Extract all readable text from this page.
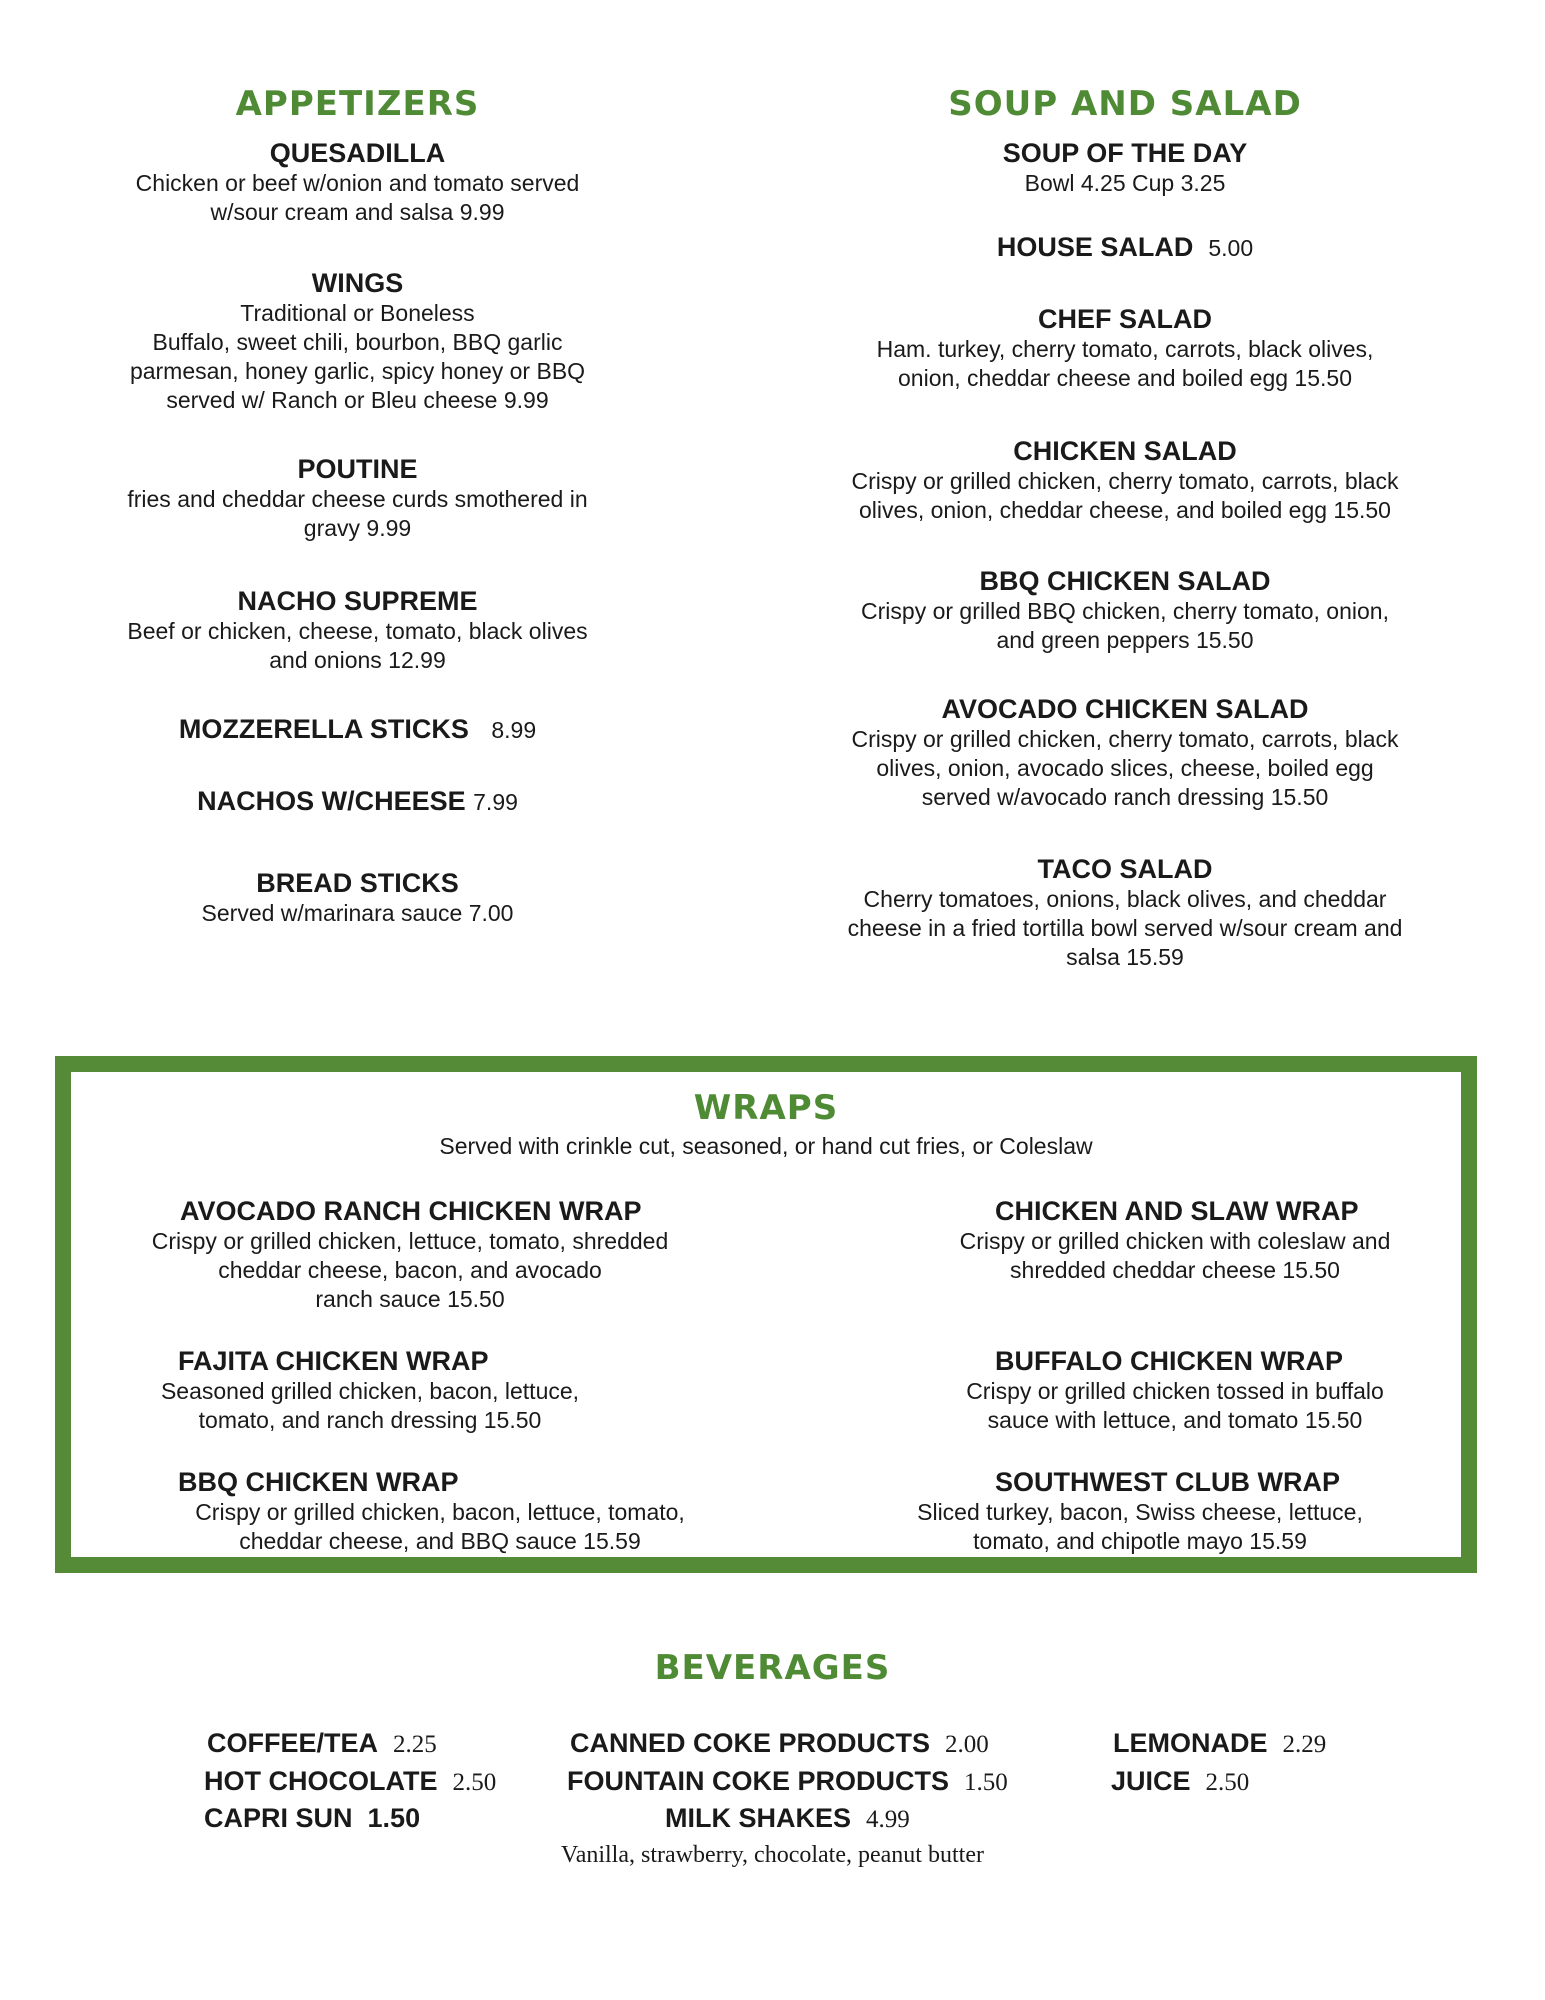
APPETIZERS
QUESADILLA
Chicken or beef w/onion and tomato served
w/sour cream and salsa 9.99
WINGS
Traditional or Boneless
Buffalo, sweet chili, bourbon, BBQ garlic
parmesan, honey garlic, spicy honey or BBQ
served w/ Ranch or Bleu cheese 9.99
POUTINE
fries and cheddar cheese curds smothered in
gravy 9.99
NACHO SUPREME
Beef or chicken, cheese, tomato, black olives
and onions 12.99
MOZZERELLA STICKS 8.99
NACHOS W/CHEESE 7.99
BREAD STICKS
Served w/marinara sauce 7.00
SOUP AND SALAD
SOUP OF THE DAY
Bowl 4.25 Cup 3.25
HOUSE SALAD 5.00
CHEF SALAD
Ham. turkey, cherry tomato, carrots, black olives,
onion, cheddar cheese and boiled egg 15.50
CHICKEN SALAD
Crispy or grilled chicken, cherry tomato, carrots, black
olives, onion, cheddar cheese, and boiled egg 15.50
BBQ CHICKEN SALAD
Crispy or grilled BBQ chicken, cherry tomato, onion,
and green peppers 15.50
AVOCADO CHICKEN SALAD
Crispy or grilled chicken, cherry tomato, carrots, black
olives, onion, avocado slices, cheese, boiled egg
served w/avocado ranch dressing 15.50
TACO SALAD
Cherry tomatoes, onions, black olives, and cheddar
cheese in a fried tortilla bowl served w/sour cream and
salsa 15.59
WRAPS
Served with crinkle cut, seasoned, or hand cut fries, or Coleslaw
AVOCADO RANCH CHICKEN WRAP
Crispy or grilled chicken, lettuce, tomato, shredded
cheddar cheese, bacon, and avocado
ranch sauce 15.50
CHICKEN AND SLAW WRAP
Crispy or grilled chicken with coleslaw and
shredded cheddar cheese 15.50
FAJITA CHICKEN WRAP
Seasoned grilled chicken, bacon, lettuce,
tomato, and ranch dressing 15.50
BUFFALO CHICKEN WRAP
Crispy or grilled chicken tossed in buffalo
sauce with lettuce, and tomato 15.50
BBQ CHICKEN WRAP
Crispy or grilled chicken, bacon, lettuce, tomato,
cheddar cheese, and BBQ sauce 15.59
SOUTHWEST CLUB WRAP
Sliced turkey, bacon, Swiss cheese, lettuce,
tomato, and chipotle mayo 15.59
BEVERAGES
COFFEE/TEA 2.25
HOT CHOCOLATE 2.50
CAPRI SUN 1.50
CANNED COKE PRODUCTS 2.00
FOUNTAIN COKE PRODUCTS 1.50
MILK SHAKES 4.99
LEMONADE 2.29
JUICE 2.50
Vanilla, strawberry, chocolate, peanut butter
